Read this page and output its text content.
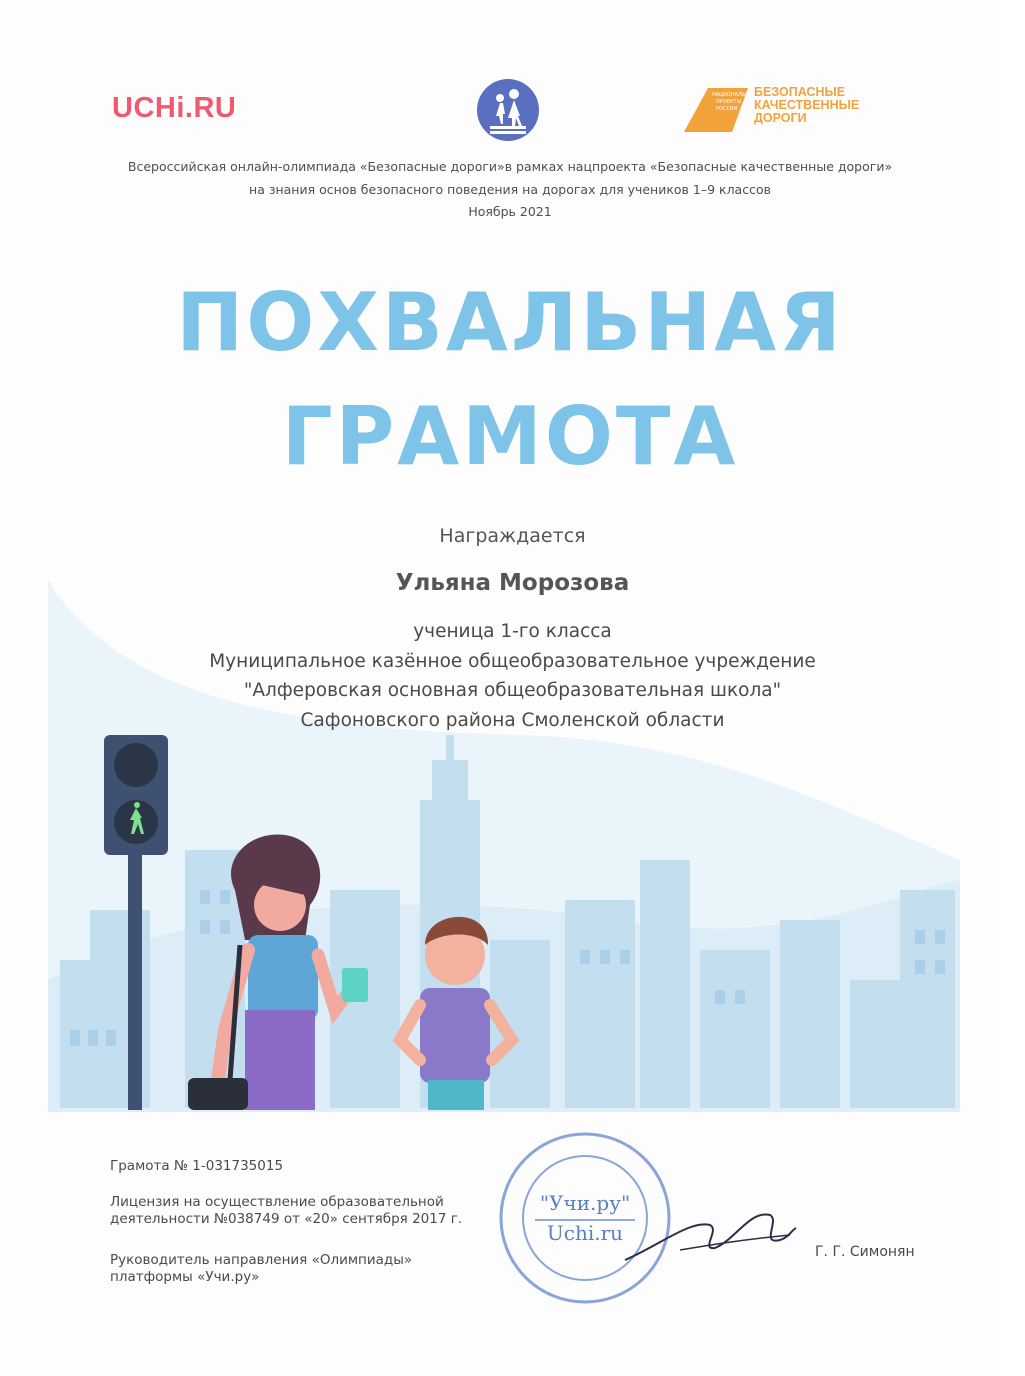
UCHi.RU	НАЦИОНАЛЬНЫЕ
ПРОЕКТЫ
РОССИИ
БЕЗОПАСНЫЕ
КАЧЕСТВЕННЫЕ ДОРОГИ
Всероссийская онлайн-олимпиада «Безопасные дороги»в рамках нацпроекта «Безопасные качественные дороги»
на знания основ безопасного поведения на дорогах для учеников 1–9 классов
Ноябрь 2021
ПОХВАЛЬНАЯ
ГРАМОТА
Награждается
Ульяна Морозова
ученица 1-го класса
Муниципальное казённое общеобразовательное учреждение
"Алферовская основная общеобразовательная школа"
Сафоновского района Смоленской области
Грамота № 1-031735015
Лицензия на осуществление образовательной
деятельности №038749 от «20» сентября 2017 г.
Руководитель направления «Олимпиады»
платформы «Учи.ру»
"Учи.ру"
Uchi.ru
Г. Г. Симонян
